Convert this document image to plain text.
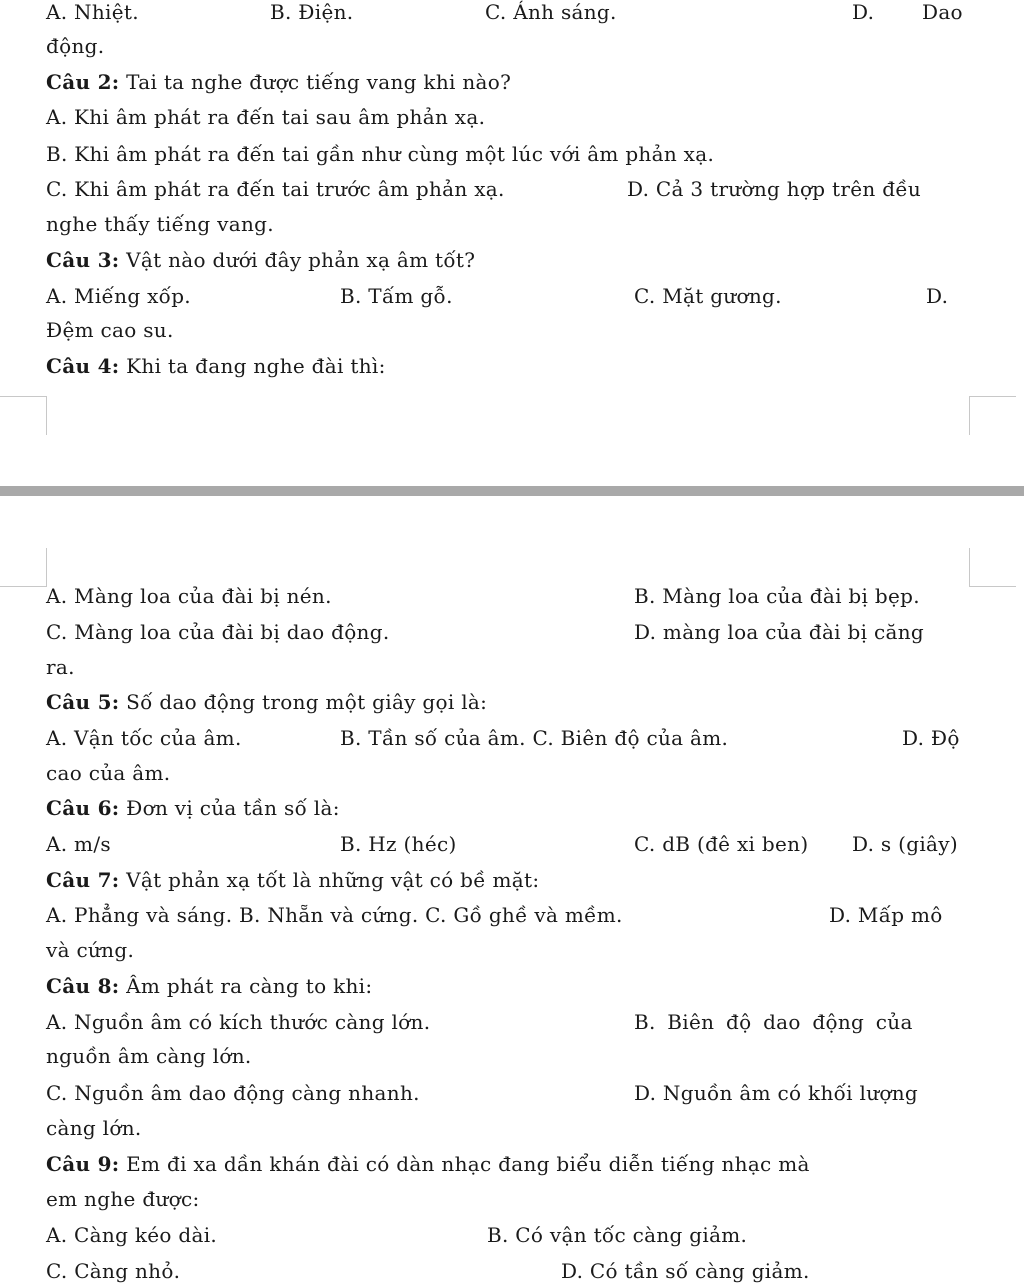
A. Nhiệt.	B. Điện.	C. Ánh sáng.	D. Dao
động.
Câu 2: Tai ta nghe được tiếng vang khi nào?
A. Khi âm phát ra đến tai sau âm phản xạ.
B. Khi âm phát ra đến tai gần như cùng một lúc với âm phản xạ.
C. Khi âm phát ra đến tai trước âm phản xạ.	D. Cả 3 trường hợp trên đều
nghe thấy tiếng vang.
Câu 3: Vật nào dưới đây phản xạ âm tốt?
A. Miếng xốp.	B. Tấm gỗ.	C. Mặt gương.	D.
Đệm cao su.
Câu 4: Khi ta đang nghe đài thì:
A. Màng loa của đài bị nén.	B. Màng loa của đài bị bẹp.
C. Màng loa của đài bị dao động.	D. màng loa của đài bị căng
ra.
Câu 5: Số dao động trong một giây gọi là:
A. Vận tốc của âm.	B. Tần số của âm. C. Biên độ của âm.	D. Độ
cao của âm.
Câu 6: Đơn vị của tần số là:
A. m/s	B. Hz (héc)	C. dB (đê xi ben) D. s (giây)
Câu 7: Vật phản xạ tốt là những vật có bề mặt:
A. Phẳng và sáng. B. Nhẵn và cứng. C. Gồ ghề và mềm.	D. Mấp mô
và cứng.
Câu 8: Âm phát ra càng to khi:
A. Nguồn âm có kích thước càng lớn.	B. Biên độ dao động của
nguồn âm càng lớn.
C. Nguồn âm dao động càng nhanh.	D. Nguồn âm có khối lượng
càng lớn.
Câu 9: Em đi xa dần khán đài có dàn nhạc đang biểu diễn tiếng nhạc mà
em nghe được:
A. Càng kéo dài.	B. Có vận tốc càng giảm.
C. Càng nhỏ.	D. Có tần số càng giảm.
